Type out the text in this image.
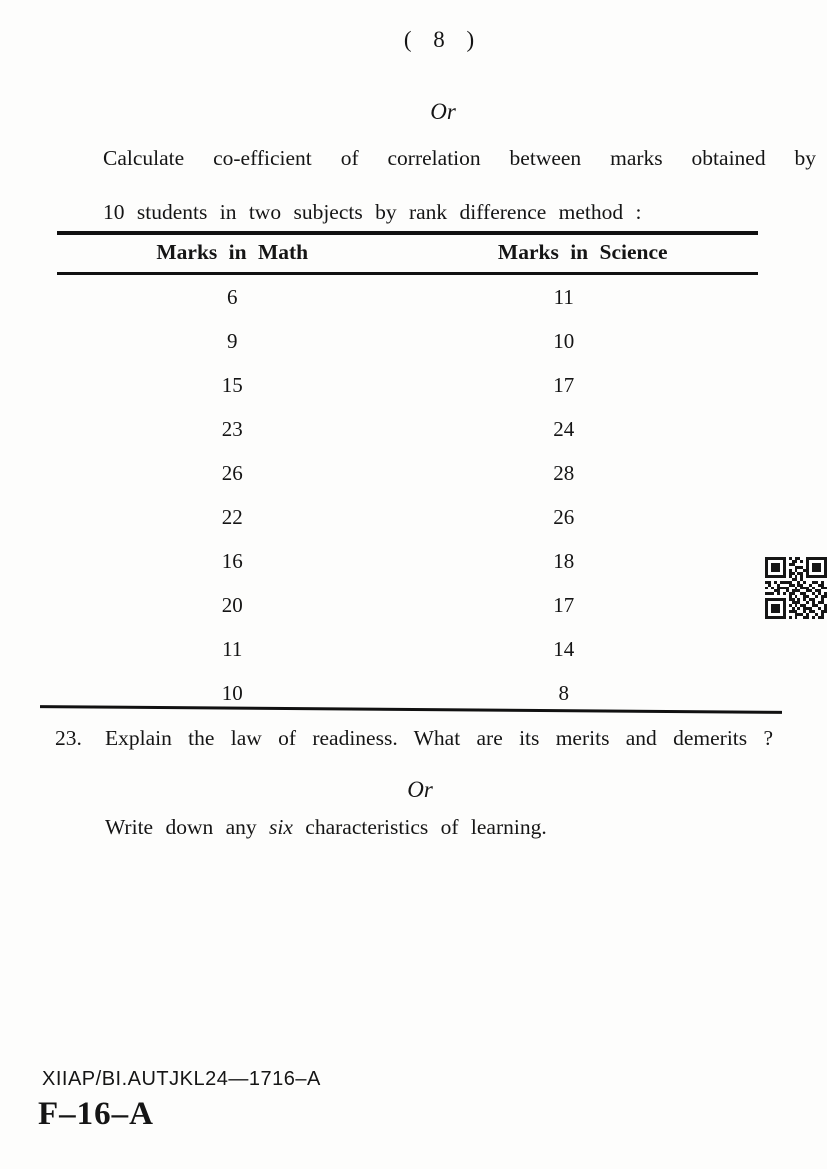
( 8 )
Or
Calculate co-efficient of correlation between marks obtained by
10 students in two subjects by rank difference method :
Marks in Math	Marks in Science
6	11
9	10
15	17
23	24
26	28
22	26
16	18
20	17
11	14
10	8
23. Explain the law of readiness. What are its merits and demerits ?
Or
Write down any six characteristics of learning.
XIIAP/BI.AUTJKL24—1716–A
F–16–A
